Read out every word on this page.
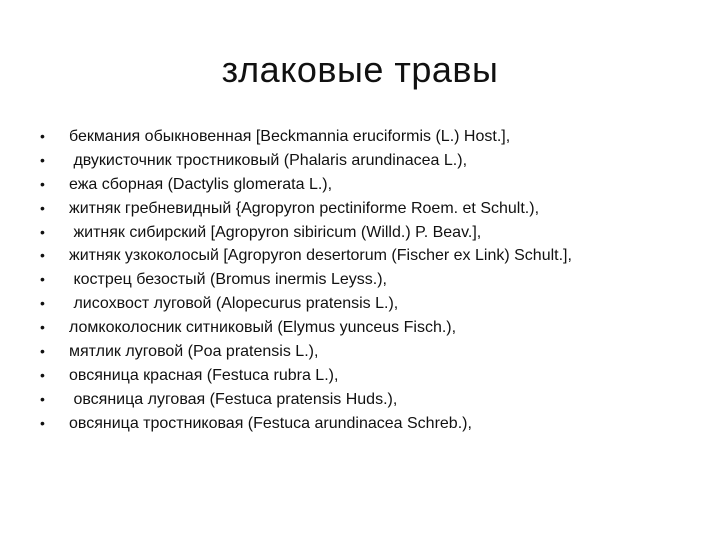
злаковые травы

•

	бекмания обыкновенная [Beckmannia eruciformis (L.) Host.],

•

	двукисточник тростниковый (Phalaris arundinacea L.),

•

	ежа сборная (Dactylis glomerata L.),

•

	житняк гребневидный {Agropyron pectiniforme Roem. et Schult.),

•

	житняк сибирский [Agropyron sibiricum (Willd.) P. Beav.],

•

	житняк узкоколосый [Agropyron desertorum (Fischer ex Link) Schult.],

•

	кострец безостый (Bromus inermis Leyss.),

•

	лисохвост луговой (Alopecurus pratensis L.),

•

	ломкоколосник ситниковый (Elymus yunceus Fisch.),

•

	мятлик луговой (Poa pratensis L.),

•

	овсяница красная (Festuca rubra L.),

•

	овсяница луговая (Festuca pratensis Huds.),

•

	овсяница тростниковая (Festuca arundinacea Schreb.),
